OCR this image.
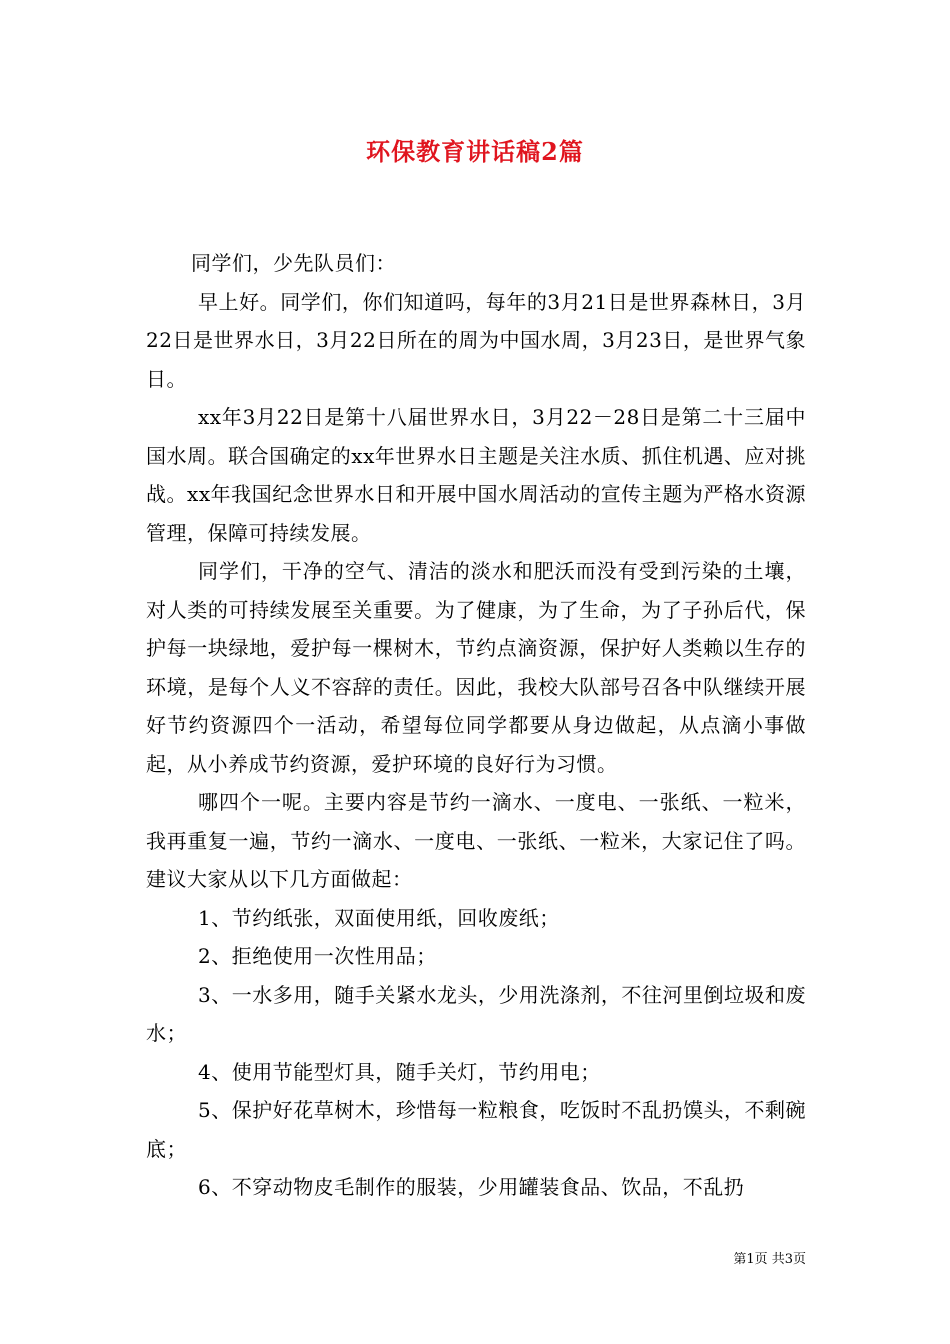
环保教育讲话稿2篇

同学们，少先队员们：

早上好。同学们，你们知道吗，每年的3月21日是世界森林日，3月22日是世界水日，3月22日所在的周为中国水周，3月23日，是世界气象日。

xx年3月22日是第十八届世界水日，3月22－28日是第二十三届中国水周。联合国确定的xx年世界水日主题是关注水质、抓住机遇、应对挑战。xx年我国纪念世界水日和开展中国水周活动的宣传主题为严格水资源管理，保障可持续发展。

同学们，干净的空气、清洁的淡水和肥沃而没有受到污染的土壤，对人类的可持续发展至关重要。为了健康，为了生命，为了子孙后代，保护每一块绿地，爱护每一棵树木，节约点滴资源，保护好人类赖以生存的环境，是每个人义不容辞的责任。因此，我校大队部号召各中队继续开展好节约资源四个一活动，希望每位同学都要从身边做起，从点滴小事做起，从小养成节约资源，爱护环境的良好行为习惯。

哪四个一呢。主要内容是节约一滴水、一度电、一张纸、一粒米，我再重复一遍，节约一滴水、一度电、一张纸、一粒米，大家记住了吗。建议大家从以下几方面做起：

1、节约纸张，双面使用纸，回收废纸；

2、拒绝使用一次性用品；

3、一水多用，随手关紧水龙头，少用洗涤剂，不往河里倒垃圾和废水；

4、使用节能型灯具，随手关灯，节约用电；

5、保护好花草树木，珍惜每一粒粮食，吃饭时不乱扔馍头，不剩碗底；

6、不穿动物皮毛制作的服装，少用罐装食品、饮品，不乱扔

第1页 共3页
